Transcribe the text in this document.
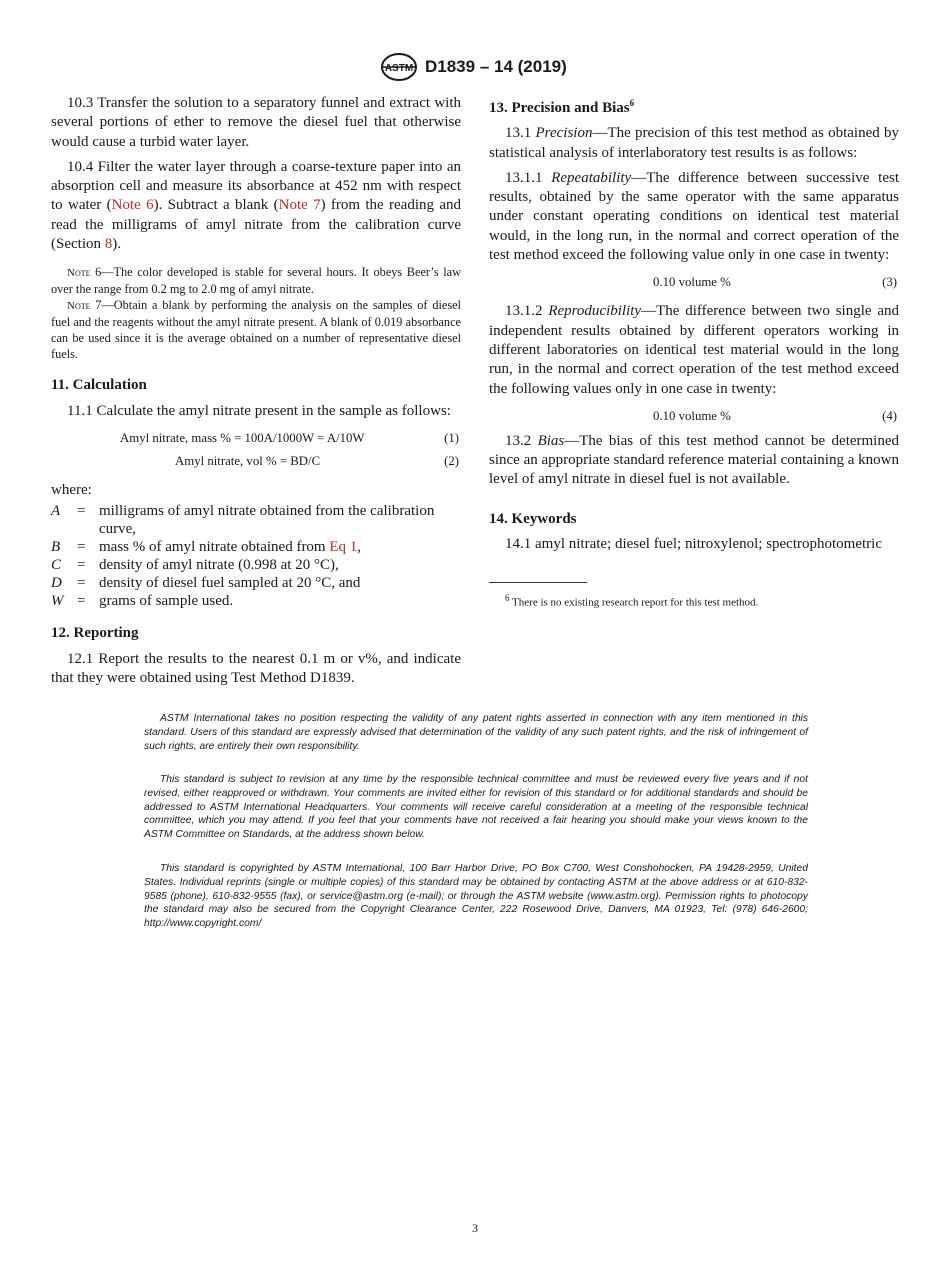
ASTM D1839 – 14 (2019)

10.3 Transfer the solution to a separatory funnel and extract with several portions of ether to remove the diesel fuel that otherwise would cause a turbid water layer.

10.4 Filter the water layer through a coarse-texture paper into an absorption cell and measure its absorbance at 452 nm with respect to water (Note 6). Subtract a blank (Note 7) from the reading and read the milligrams of amyl nitrate from the calibration curve (Section 8).

Note 6—The color developed is stable for several hours. It obeys Beer’s law over the range from 0.2 mg to 2.0 mg of amyl nitrate.

Note 7—Obtain a blank by performing the analysis on the samples of diesel fuel and the reagents without the amyl nitrate present. A blank of 0.019 absorbance can be used since it is the average obtained on a number of representative diesel fuels.

11. Calculation

11.1 Calculate the amyl nitrate present in the sample as follows:

Amyl nitrate, mass % = 100A/1000W = A/10W	(1)
Amyl nitrate, vol % = BD/C	(2)

where:

A	= milligrams of amyl nitrate obtained from the calibration curve,
B	= mass % of amyl nitrate obtained from Eq 1,
C	= density of amyl nitrate (0.998 at 20 °C),
D	= density of diesel fuel sampled at 20 °C, and
W = grams of sample used.
12. Reporting

12.1 Report the results to the nearest 0.1 m or v%, and indicate that they were obtained using Test Method D1839.

13. Precision and Bias$^6$

13.1 Precision—The precision of this test method as obtained by statistical analysis of interlaboratory test results is as follows:

13.1.1 Repeatability—The difference between successive test results, obtained by the same operator with the same apparatus under constant operating conditions on identical test material would, in the long run, in the normal and correct operation of the test method exceed the following value only in one case in twenty:

0.10 volume %	(3)

13.1.2 Reproducibility—The difference between two single and independent results obtained by different operators working in different laboratories on identical test material would in the long run, in the normal and correct operation of the test method exceed the following values only in one case in twenty:

0.10 volume %	(4)

13.2 Bias—The bias of this test method cannot be determined since an appropriate standard reference material containing a known level of amyl nitrate in diesel fuel is not available.

14. Keywords

14.1 amyl nitrate; diesel fuel; nitroxylenol; spectrophotometric

$^6$ There is no existing research report for this test method.

ASTM International takes no position respecting the validity of any patent rights asserted in connection with any item mentioned in this standard. Users of this standard are expressly advised that determination of the validity of any such patent rights, and the risk of infringement of such rights, are entirely their own responsibility.

This standard is subject to revision at any time by the responsible technical committee and must be reviewed every five years and if not revised, either reapproved or withdrawn. Your comments are invited either for revision of this standard or for additional standards and should be addressed to ASTM International Headquarters. Your comments will receive careful consideration at a meeting of the responsible technical committee, which you may attend. If you feel that your comments have not received a fair hearing you should make your views known to the ASTM Committee on Standards, at the address shown below.

This standard is copyrighted by ASTM International, 100 Barr Harbor Drive, PO Box C700, West Conshohocken, PA 19428-2959, United States. Individual reprints (single or multiple copies) of this standard may be obtained by contacting ASTM at the above address or at 610-832-9585 (phone), 610-832-9555 (fax), or service@astm.org (e-mail); or through the ASTM website (www.astm.org). Permission rights to photocopy the standard may also be secured from the Copyright Clearance Center, 222 Rosewood Drive, Danvers, MA 01923, Tel: (978) 646-2600; http://www.copyright.com/

3
